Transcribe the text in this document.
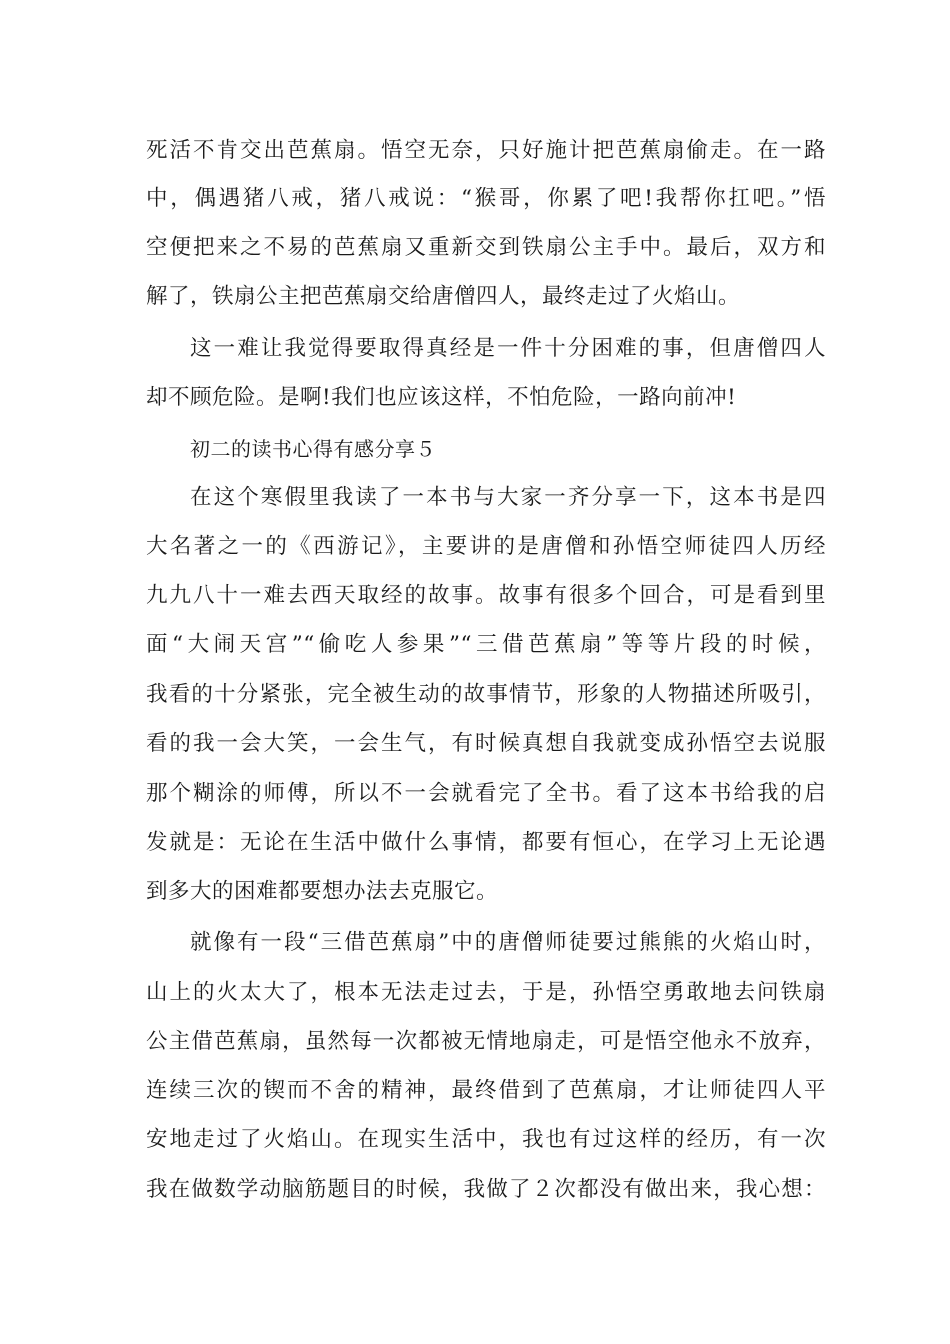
死活不肯交出芭蕉扇。悟空无奈，只好施计把芭蕉扇偷走。在一路
中，偶遇猪八戒，猪八戒说：“猴哥，你累了吧!我帮你扛吧。”悟
空便把来之不易的芭蕉扇又重新交到铁扇公主手中。最后，双方和
解了，铁扇公主把芭蕉扇交给唐僧四人，最终走过了火焰山。
这一难让我觉得要取得真经是一件十分困难的事，但唐僧四人
却不顾危险。是啊!我们也应该这样，不怕危险，一路向前冲!
初二的读书心得有感分享５
在这个寒假里我读了一本书与大家一齐分享一下，这本书是四
大名著之一的《西游记》，主要讲的是唐僧和孙悟空师徒四人历经
九九八十一难去西天取经的故事。故事有很多个回合，可是看到里
面“大闹天宫”“偷吃人参果”“三借芭蕉扇”等等片段的时候，
我看的十分紧张，完全被生动的故事情节，形象的人物描述所吸引，
看的我一会大笑，一会生气，有时候真想自我就变成孙悟空去说服
那个糊涂的师傅，所以不一会就看完了全书。看了这本书给我的启
发就是：无论在生活中做什么事情，都要有恒心，在学习上无论遇
到多大的困难都要想办法去克服它。
就像有一段“三借芭蕉扇”中的唐僧师徒要过熊熊的火焰山时，
山上的火太大了，根本无法走过去，于是，孙悟空勇敢地去问铁扇
公主借芭蕉扇，虽然每一次都被无情地扇走，可是悟空他永不放弃，
连续三次的锲而不舍的精神，最终借到了芭蕉扇，才让师徒四人平
安地走过了火焰山。在现实生活中，我也有过这样的经历，有一次
我在做数学动脑筋题目的时候，我做了２次都没有做出来，我心想：
